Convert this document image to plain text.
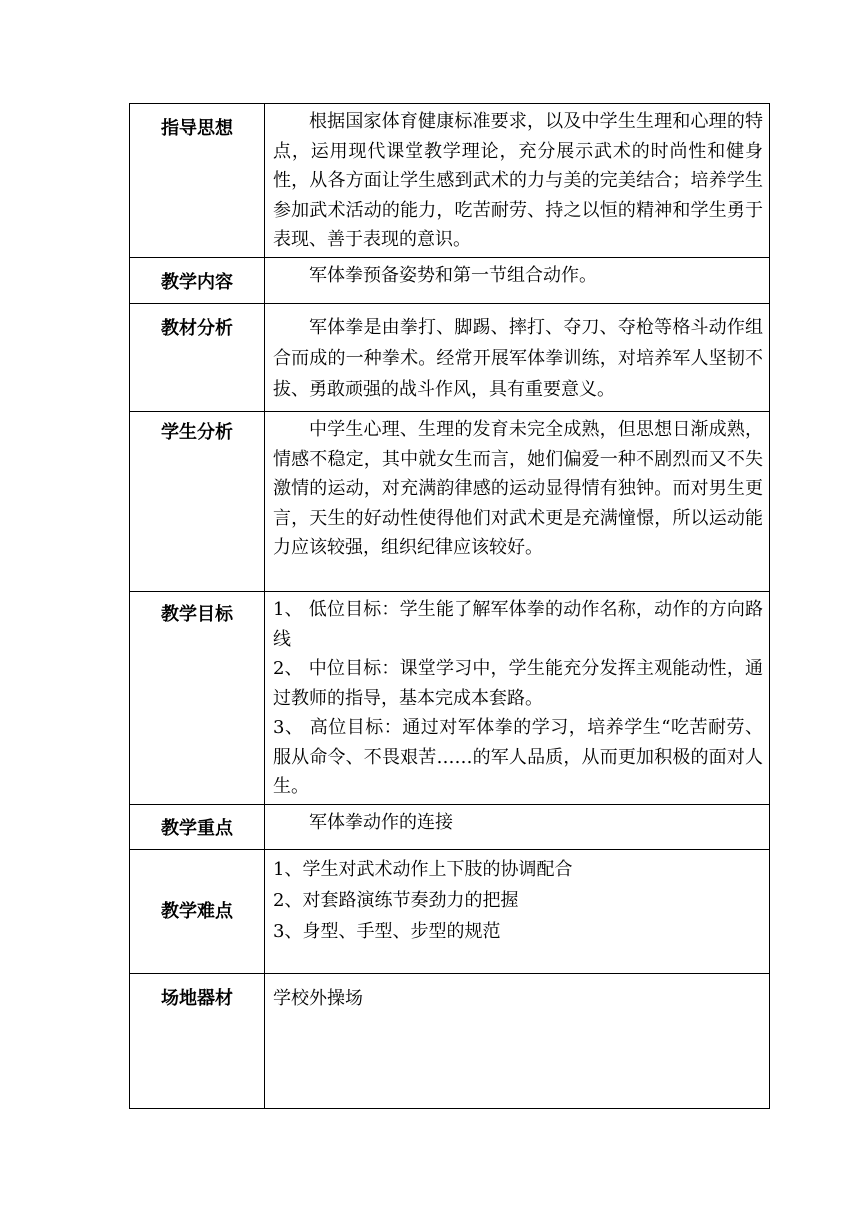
指导思想	根据国家体育健康标准要求，以及中学生生理和心理的特点，运用现代课堂教学理论，充分展示武术的时尚性和健身性，从各方面让学生感到武术的力与美的完美结合；培养学生参加武术活动的能力，吃苦耐劳、持之以恒的精神和学生勇于表现、善于表现的意识。

教学内容	军体拳预备姿势和第一节组合动作。

教材分析	军体拳是由拳打、脚踢、摔打、夺刀、夺枪等格斗动作组合而成的一种拳术。经常开展军体拳训练，对培养军人坚韧不拔、勇敢顽强的战斗作风，具有重要意义。

学生分析	中学生心理、生理的发育未完全成熟，但思想日渐成熟，情感不稳定，其中就女生而言，她们偏爱一种不剧烈而又不失激情的运动，对充满韵律感的运动显得情有独钟。而对男生更言，天生的好动性使得他们对武术更是充满憧憬，所以运动能力应该较强，组织纪律应该较好。

教学目标	1、 低位目标：学生能了解军体拳的动作名称，动作的方向路线
2、 中位目标：课堂学习中，学生能充分发挥主观能动性，通过教师的指导，基本完成本套路。
3、 高位目标：通过对军体拳的学习，培养学生“吃苦耐劳、服从命令、不畏艰苦……的军人品质，从而更加积极的面对人生。

教学重点	军体拳动作的连接

教学难点	1、学生对武术动作上下肢的协调配合
2、对套路演练节奏劲力的把握
3、身型、手型、步型的规范

场地器材	学校外操场
